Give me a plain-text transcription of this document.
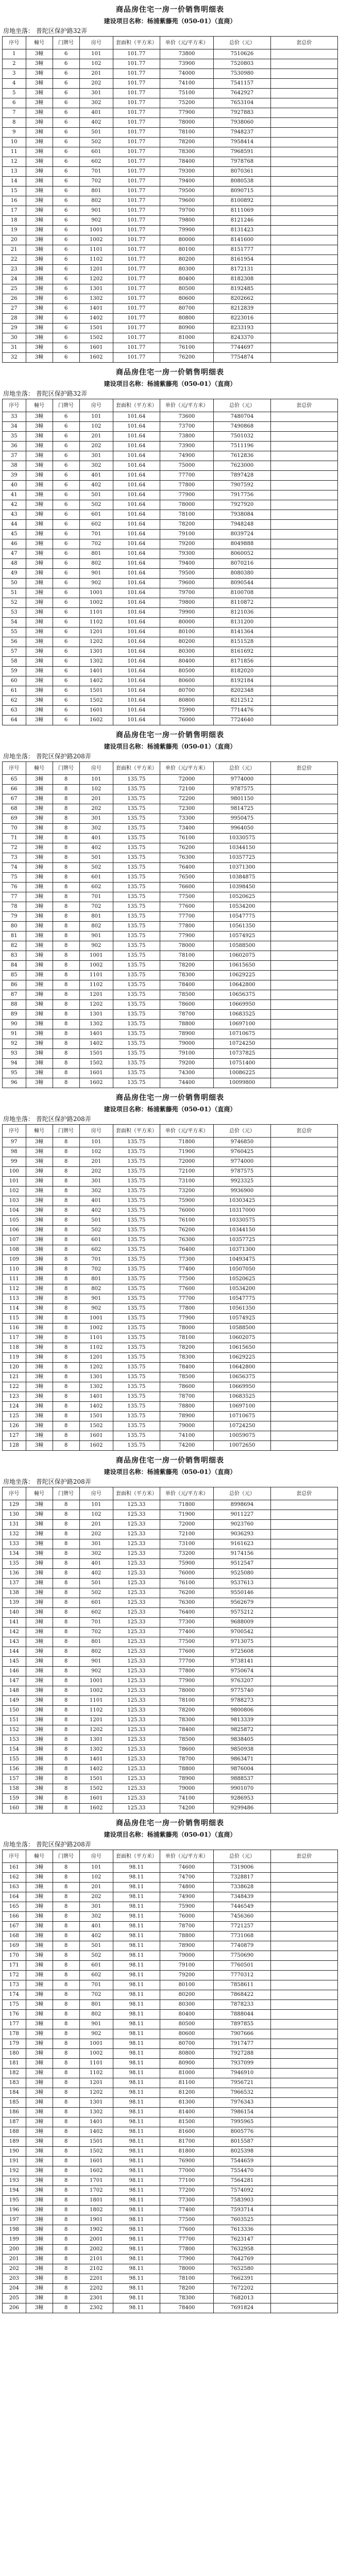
商品房住宅一房一价销售明细表
建设项目名称：杨浦紫藤苑（050-01）（直商）
房地坐落： 普陀区保护路32弄
序号	幢号	门牌号	房号	套面积（平方米）	单价（元/平方米）	总价（元）	套总价
1	3幢	6	101	101.77	73800	7510626	
2	3幢	6	102	101.77	73900	7520803	
3	3幢	6	201	101.77	74000	7530980	
4	3幢	6	202	101.77	74100	7541157	
5	3幢	6	301	101.77	75100	7642927	
6	3幢	6	302	101.77	75200	7653104	
7	3幢	6	401	101.77	77900	7927883	
8	3幢	6	402	101.77	78000	7938060	
9	3幢	6	501	101.77	78100	7948237	
10	3幢	6	502	101.77	78200	7958414	
11	3幢	6	601	101.77	78300	7968591	
12	3幢	6	602	101.77	78400	7978768	
13	3幢	6	701	101.77	79300	8070361	
14	3幢	6	702	101.77	79400	8080538	
15	3幢	6	801	101.77	79500	8090715	
16	3幢	6	802	101.77	79600	8100892	
17	3幢	6	901	101.77	79700	8111069	
18	3幢	6	902	101.77	79800	8121246	
19	3幢	6	1001	101.77	79900	8131423	
20	3幢	6	1002	101.77	80000	8141600	
21	3幢	6	1101	101.77	80100	8151777	
22	3幢	6	1102	101.77	80200	8161954	
23	3幢	6	1201	101.77	80300	8172131	
24	3幢	6	1202	101.77	80400	8182308	
25	3幢	6	1301	101.77	80500	8192485	
26	3幢	6	1302	101.77	80600	8202662	
27	3幢	6	1401	101.77	80700	8212839	
28	3幢	6	1402	101.77	80800	8223016	
29	3幢	6	1501	101.77	80900	8233193	
30	3幢	6	1502	101.77	81000	8243370	
31	3幢	6	1601	101.77	76100	7744697	
32	3幢	6	1602	101.77	76200	7754874	
商品房住宅一房一价销售明细表
建设项目名称：杨浦紫藤苑（050-01）（直商）
房地坐落： 普陀区保护路32弄
序号	幢号	门牌号	房号	套面积（平方米）	单价（元/平方米）	总价（元）	套总价
33	3幢	6	101	101.64	73600	7480704	
34	3幢	6	102	101.64	73700	7490868	
35	3幢	6	201	101.64	73800	7501032	
36	3幢	6	202	101.64	73900	7511196	
37	3幢	6	301	101.64	74900	7612836	
38	3幢	6	302	101.64	75000	7623000	
39	3幢	6	401	101.64	77700	7897428	
40	3幢	6	402	101.64	77800	7907592	
41	3幢	6	501	101.64	77900	7917756	
42	3幢	6	502	101.64	78000	7927920	
43	3幢	6	601	101.64	78100	7938084	
44	3幢	6	602	101.64	78200	7948248	
45	3幢	6	701	101.64	79100	8039724	
46	3幢	6	702	101.64	79200	8049888	
47	3幢	6	801	101.64	79300	8060052	
48	3幢	6	802	101.64	79400	8070216	
49	3幢	6	901	101.64	79500	8080380	
50	3幢	6	902	101.64	79600	8090544	
51	3幢	6	1001	101.64	79700	8100708	
52	3幢	6	1002	101.64	79800	8110872	
53	3幢	6	1101	101.64	79900	8121036	
54	3幢	6	1102	101.64	80000	8131200	
55	3幢	6	1201	101.64	80100	8141364	
56	3幢	6	1202	101.64	80200	8151528	
57	3幢	6	1301	101.64	80300	8161692	
58	3幢	6	1302	101.64	80400	8171856	
59	3幢	6	1401	101.64	80500	8182020	
60	3幢	6	1402	101.64	80600	8192184	
61	3幢	6	1501	101.64	80700	8202348	
62	3幢	6	1502	101.64	80800	8212512	
63	3幢	6	1601	101.64	75900	7714476	
64	3幢	6	1602	101.64	76000	7724640	
商品房住宅一房一价销售明细表
建设项目名称：杨浦紫藤苑（050-01）（直商）
房地坐落： 普陀区保护路208弄
序号	幢号	门牌号	房号	套面积（平方米）	单价（元/平方米）	总价（元）	套总价
65	3幢	8	101	135.75	72000	9774000	
66	3幢	8	102	135.75	72100	9787575	
67	3幢	8	201	135.75	72200	9801150	
68	3幢	8	202	135.75	72300	9814725	
69	3幢	8	301	135.75	73300	9950475	
70	3幢	8	302	135.75	73400	9964050	
71	3幢	8	401	135.75	76100	10330575	
72	3幢	8	402	135.75	76200	10344150	
73	3幢	8	501	135.75	76300	10357725	
74	3幢	8	502	135.75	76400	10371300	
75	3幢	8	601	135.75	76500	10384875	
76	3幢	8	602	135.75	76600	10398450	
77	3幢	8	701	135.75	77500	10520625	
78	3幢	8	702	135.75	77600	10534200	
79	3幢	8	801	135.75	77700	10547775	
80	3幢	8	802	135.75	77800	10561350	
81	3幢	8	901	135.75	77900	10574925	
82	3幢	8	902	135.75	78000	10588500	
83	3幢	8	1001	135.75	78100	10602075	
84	3幢	8	1002	135.75	78200	10615650	
85	3幢	8	1101	135.75	78300	10629225	
86	3幢	8	1102	135.75	78400	10642800	
87	3幢	8	1201	135.75	78500	10656375	
88	3幢	8	1202	135.75	78600	10669950	
89	3幢	8	1301	135.75	78700	10683525	
90	3幢	8	1302	135.75	78800	10697100	
91	3幢	8	1401	135.75	78900	10710675	
92	3幢	8	1402	135.75	79000	10724250	
93	3幢	8	1501	135.75	79100	10737825	
94	3幢	8	1502	135.75	79200	10751400	
95	3幢	8	1601	135.75	74300	10086225	
96	3幢	8	1602	135.75	74400	10099800	
商品房住宅一房一价销售明细表
建设项目名称：杨浦紫藤苑（050-01）（直商）
房地坐落： 普陀区保护路208弄
序号	幢号	门牌号	房号	套面积（平方米）	单价（元/平方米）	总价（元）	套总价
97	3幢	8	101	135.75	71800	9746850	
98	3幢	8	102	135.75	71900	9760425	
99	3幢	8	201	135.75	72000	9774000	
100	3幢	8	202	135.75	72100	9787575	
101	3幢	8	301	135.75	73100	9923325	
102	3幢	8	302	135.75	73200	9936900	
103	3幢	8	401	135.75	75900	10303425	
104	3幢	8	402	135.75	76000	10317000	
105	3幢	8	501	135.75	76100	10330575	
106	3幢	8	502	135.75	76200	10344150	
107	3幢	8	601	135.75	76300	10357725	
108	3幢	8	602	135.75	76400	10371300	
109	3幢	8	701	135.75	77300	10493475	
110	3幢	8	702	135.75	77400	10507050	
111	3幢	8	801	135.75	77500	10520625	
112	3幢	8	802	135.75	77600	10534200	
113	3幢	8	901	135.75	77700	10547775	
114	3幢	8	902	135.75	77800	10561350	
115	3幢	8	1001	135.75	77900	10574925	
116	3幢	8	1002	135.75	78000	10588500	
117	3幢	8	1101	135.75	78100	10602075	
118	3幢	8	1102	135.75	78200	10615650	
119	3幢	8	1201	135.75	78300	10629225	
120	3幢	8	1202	135.75	78400	10642800	
121	3幢	8	1301	135.75	78500	10656375	
122	3幢	8	1302	135.75	78600	10669950	
123	3幢	8	1401	135.75	78700	10683525	
124	3幢	8	1402	135.75	78800	10697100	
125	3幢	8	1501	135.75	78900	10710675	
126	3幢	8	1502	135.75	79000	10724250	
127	3幢	8	1601	135.75	74100	10059075	
128	3幢	8	1602	135.75	74200	10072650	
商品房住宅一房一价销售明细表
建设项目名称：杨浦紫藤苑（050-01）（直商）
房地坐落： 普陀区保护路208弄
序号	幢号	门牌号	房号	套面积（平方米）	单价（元/平方米）	总价（元）	套总价
129	3幢	8	101	125.33	71800	8998694	
130	3幢	8	102	125.33	71900	9011227	
131	3幢	8	201	125.33	72000	9023760	
132	3幢	8	202	125.33	72100	9036293	
133	3幢	8	301	125.33	73100	9161623	
134	3幢	8	302	125.33	73200	9174156	
135	3幢	8	401	125.33	75900	9512547	
136	3幢	8	402	125.33	76000	9525080	
137	3幢	8	501	125.33	76100	9537613	
138	3幢	8	502	125.33	76200	9550146	
139	3幢	8	601	125.33	76300	9562679	
140	3幢	8	602	125.33	76400	9575212	
141	3幢	8	701	125.33	77300	9688009	
142	3幢	8	702	125.33	77400	9700542	
143	3幢	8	801	125.33	77500	9713075	
144	3幢	8	802	125.33	77600	9725608	
145	3幢	8	901	125.33	77700	9738141	
146	3幢	8	902	125.33	77800	9750674	
147	3幢	8	1001	125.33	77900	9763207	
148	3幢	8	1002	125.33	78000	9775740	
149	3幢	8	1101	125.33	78100	9788273	
150	3幢	8	1102	125.33	78200	9800806	
151	3幢	8	1201	125.33	78300	9813339	
152	3幢	8	1202	125.33	78400	9825872	
153	3幢	8	1301	125.33	78500	9838405	
154	3幢	8	1302	125.33	78600	9850938	
155	3幢	8	1401	125.33	78700	9863471	
156	3幢	8	1402	125.33	78800	9876004	
157	3幢	8	1501	125.33	78900	9888537	
158	3幢	8	1502	125.33	79000	9901070	
159	3幢	8	1601	125.33	74100	9286953	
160	3幢	8	1602	125.33	74200	9299486	
商品房住宅一房一价销售明细表
建设项目名称：杨浦紫藤苑（050-01）（直商）
房地坐落： 普陀区保护路208弄
序号	幢号	门牌号	房号	套面积（平方米）	单价（元/平方米）	总价（元）	套总价
161	3幢	8	101	98.11	74600	7319006	
162	3幢	8	102	98.11	74700	7328817	
163	3幢	8	201	98.11	74800	7338628	
164	3幢	8	202	98.11	74900	7348439	
165	3幢	8	301	98.11	75900	7446549	
166	3幢	8	302	98.11	76000	7456360	
167	3幢	8	401	98.11	78700	7721257	
168	3幢	8	402	98.11	78800	7731068	
169	3幢	8	501	98.11	78900	7740879	
170	3幢	8	502	98.11	79000	7750690	
171	3幢	8	601	98.11	79100	7760501	
172	3幢	8	602	98.11	79200	7770312	
173	3幢	8	701	98.11	80100	7858611	
174	3幢	8	702	98.11	80200	7868422	
175	3幢	8	801	98.11	80300	7878233	
176	3幢	8	802	98.11	80400	7888044	
177	3幢	8	901	98.11	80500	7897855	
178	3幢	8	902	98.11	80600	7907666	
179	3幢	8	1001	98.11	80700	7917477	
180	3幢	8	1002	98.11	80800	7927288	
181	3幢	8	1101	98.11	80900	7937099	
182	3幢	8	1102	98.11	81000	7946910	
183	3幢	8	1201	98.11	81100	7956721	
184	3幢	8	1202	98.11	81200	7966532	
185	3幢	8	1301	98.11	81300	7976343	
186	3幢	8	1302	98.11	81400	7986154	
187	3幢	8	1401	98.11	81500	7995965	
188	3幢	8	1402	98.11	81600	8005776	
189	3幢	8	1501	98.11	81700	8015587	
190	3幢	8	1502	98.11	81800	8025398	
191	3幢	8	1601	98.11	76900	7544659	
192	3幢	8	1602	98.11	77000	7554470	
193	3幢	8	1701	98.11	77100	7564281	
194	3幢	8	1702	98.11	77200	7574092	
195	3幢	8	1801	98.11	77300	7583903	
196	3幢	8	1802	98.11	77400	7593714	
197	3幢	8	1901	98.11	77500	7603525	
198	3幢	8	1902	98.11	77600	7613336	
199	3幢	8	2001	98.11	77700	7623147	
200	3幢	8	2002	98.11	77800	7632958	
201	3幢	8	2101	98.11	77900	7642769	
202	3幢	8	2102	98.11	78000	7652580	
203	3幢	8	2201	98.11	78100	7662391	
204	3幢	8	2202	98.11	78200	7672202	
205	3幢	8	2301	98.11	78300	7682013	
206	3幢	8	2302	98.11	78400	7691824	
